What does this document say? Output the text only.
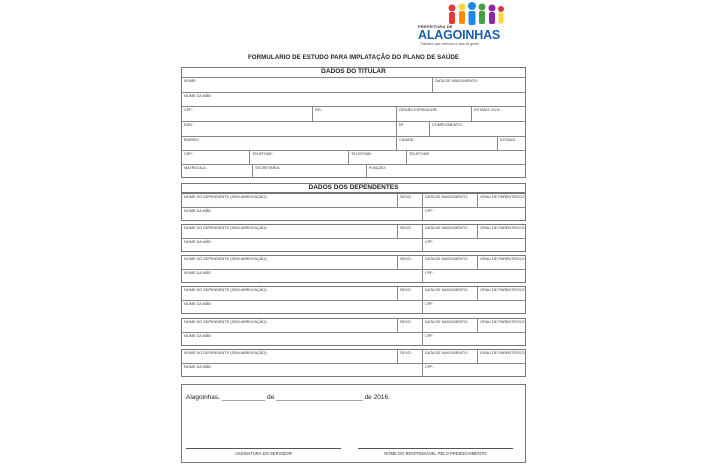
PREFEITURA DE
ALAGOINHAS
Trabalho que melhora a vida da gente
FORMULARIO DE ESTUDO PARA IMPLATAÇÃO DO PLANO DE SAÚDE
DADOS DO TITULAR
NOME:	DATA DE NASCIMENTO:
NOME DA MÃE:
CPF:	RG:	ÓRGÃO EXPEDIDOR:	ESTADO CIVIL:
END:	Nº:	COMPLEMENTO:
BAIRRO:	CIDADE:	ESTADO:
CEP:	TELEFONE:	TELEFONE:	TELEFONE:
MATRICULA:	SECRETARIA:	FUNÇÃO:
DADOS DOS DEPENDENTES
NOME DO DEPENDENTE (SEM ABREVIAÇÃO):	SEXO:	DATA DE NASCIMENTO:	GRAU DE PARENTESCO:
NOME DA MÃE:	CPF:
NOME DO DEPENDENTE (SEM ABREVIAÇÃO):	SEXO:	DATA DE NASCIMENTO:	GRAU DE PARENTESCO:
NOME DA MÃE:	CPF:
NOME DO DEPENDENTE (SEM ABREVIAÇÃO):	SEXO:	DATA DE NASCIMENTO:	GRAU DE PARENTESCO:
NOME DA MÃE:	CPF:
NOME DO DEPENDENTE (SEM ABREVIAÇÃO):	SEXO:	DATA DE NASCIMENTO:	GRAU DE PARENTESCO:
NOME DA MÃE:	CPF:
NOME DO DEPENDENTE (SEM ABREVIAÇÃO):	SEXO:	DATA DE NASCIMENTO:	GRAU DE PARENTESCO:
NOME DA MÃE:	CPF:
NOME DO DEPENDENTE (SEM ABREVIAÇÃO):	SEXO:	DATA DE NASCIMENTO:	GRAU DE PARENTESCO:
NOME DA MÃE:	CPF:
Alagoinhas, ____________ de ________________________ de 2016.
ASSINATURA DO SERVIDOR	NOME DO RESPONSÁVEL PELO PREENCHIMENTO
